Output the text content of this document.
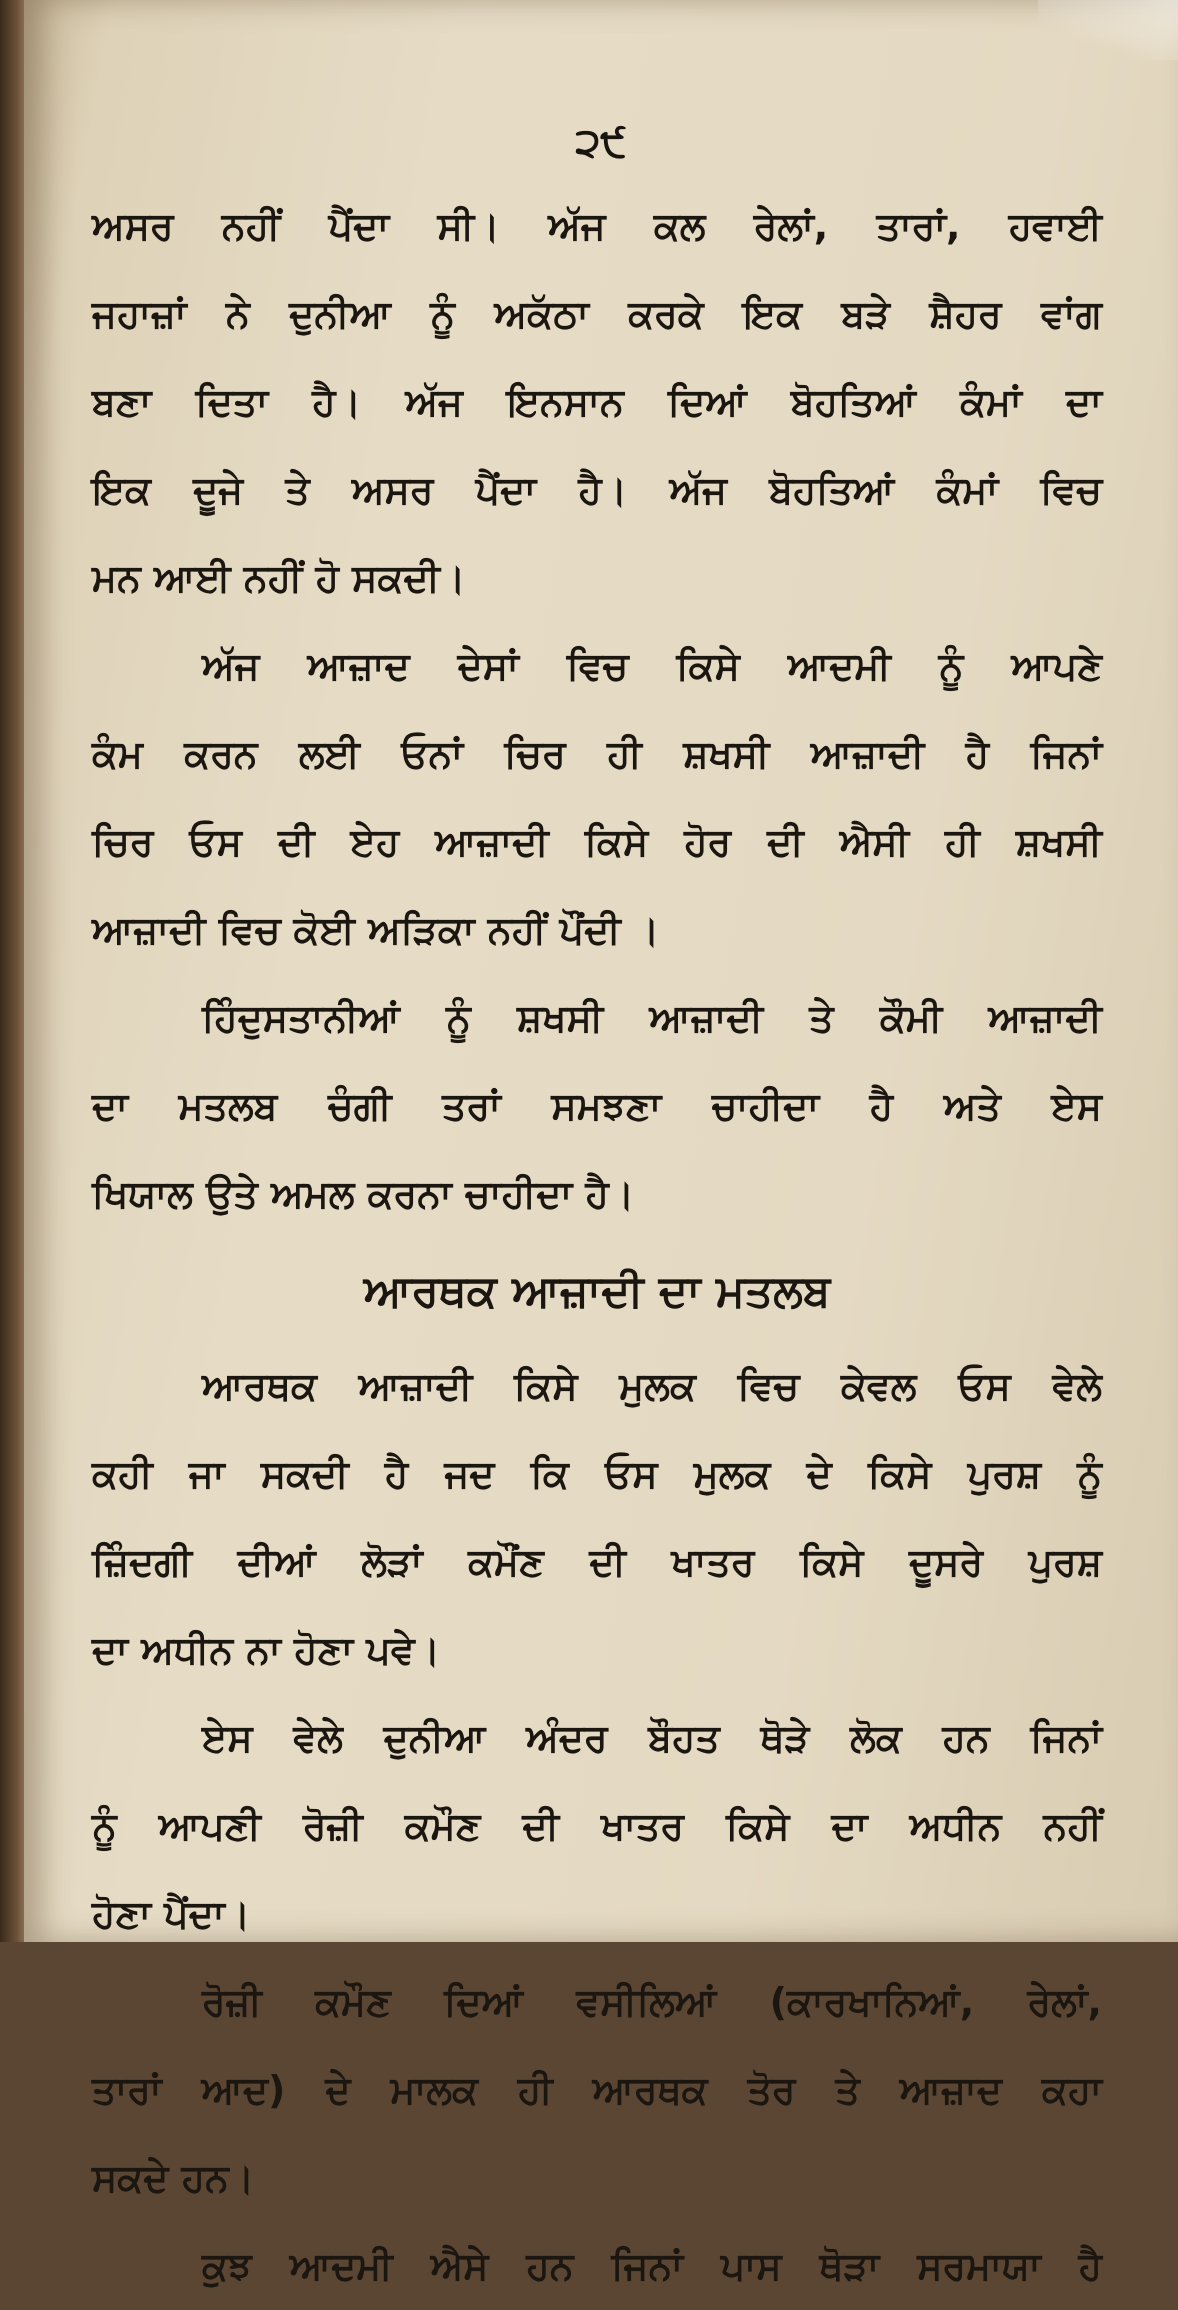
੨੯
ਅਸਰ ਨਹੀਂ ਪੈਂਦਾ ਸੀ। ਅੱਜ ਕਲ ਰੇਲਾਂ, ਤਾਰਾਂ, ਹਵਾਈ
ਜਹਾਜ਼ਾਂ ਨੇ ਦੁਨੀਆ ਨੂੰ ਅਕੱਠਾ ਕਰਕੇ ਇਕ ਬੜੇ ਸ਼ੈਹਰ ਵਾਂਗ
ਬਣਾ ਦਿਤਾ ਹੈ। ਅੱਜ ਇਨਸਾਨ ਦਿਆਂ ਬੋਹਤਿਆਂ ਕੰਮਾਂ ਦਾ
ਇਕ ਦੂਜੇ ਤੇ ਅਸਰ ਪੈਂਦਾ ਹੈ। ਅੱਜ ਬੋਹਤਿਆਂ ਕੰਮਾਂ ਵਿਚ
ਮਨ ਆਈ ਨਹੀਂ ਹੋ ਸਕਦੀ।
ਅੱਜ ਆਜ਼ਾਦ ਦੇਸਾਂ ਵਿਚ ਕਿਸੇ ਆਦਮੀ ਨੂੰ ਆਪਣੇ
ਕੰਮ ਕਰਨ ਲਈ ਓਨਾਂ ਚਿਰ ਹੀ ਸ਼ਖਸੀ ਆਜ਼ਾਦੀ ਹੈ ਜਿਨਾਂ
ਚਿਰ ਓਸ ਦੀ ਏਹ ਆਜ਼ਾਦੀ ਕਿਸੇ ਹੋਰ ਦੀ ਐਸੀ ਹੀ ਸ਼ਖਸੀ
ਆਜ਼ਾਦੀ ਵਿਚ ਕੋਈ ਅੜਿਕਾ ਨਹੀਂ ਪੌਂਦੀ ।
ਹਿੰਦੁਸਤਾਨੀਆਂ ਨੂੰ ਸ਼ਖਸੀ ਆਜ਼ਾਦੀ ਤੇ ਕੌਮੀ ਆਜ਼ਾਦੀ
ਦਾ ਮਤਲਬ ਚੰਗੀ ਤਰਾਂ ਸਮਝਣਾ ਚਾਹੀਦਾ ਹੈ ਅਤੇ ਏਸ
ਖਿਯਾਲ ਉਤੇ ਅਮਲ ਕਰਨਾ ਚਾਹੀਦਾ ਹੈ।
ਆਰਥਕ ਆਜ਼ਾਦੀ ਦਾ ਮਤਲਬ
ਆਰਥਕ ਆਜ਼ਾਦੀ ਕਿਸੇ ਮੁਲਕ ਵਿਚ ਕੇਵਲ ਓਸ ਵੇਲੇ
ਕਹੀ ਜਾ ਸਕਦੀ ਹੈ ਜਦ ਕਿ ਓਸ ਮੁਲਕ ਦੇ ਕਿਸੇ ਪੁਰਸ਼ ਨੂੰ
ਜ਼ਿੰਦਗੀ ਦੀਆਂ ਲੋੜਾਂ ਕਮੌਂਣ ਦੀ ਖਾਤਰ ਕਿਸੇ ਦੂਸਰੇ ਪੁਰਸ਼
ਦਾ ਅਧੀਨ ਨਾ ਹੋਣਾ ਪਵੇ।
ਏਸ ਵੇਲੇ ਦੁਨੀਆ ਅੰਦਰ ਬੌਹਤ ਥੋੜੇ ਲੋਕ ਹਨ ਜਿਨਾਂ
ਨੂੰ ਆਪਣੀ ਰੋਜ਼ੀ ਕਮੌਣ ਦੀ ਖਾਤਰ ਕਿਸੇ ਦਾ ਅਧੀਨ ਨਹੀਂ
ਹੋਣਾ ਪੈਂਦਾ।
ਰੋਜ਼ੀ ਕਮੌਣ ਦਿਆਂ ਵਸੀਲਿਆਂ (ਕਾਰਖਾਨਿਆਂ, ਰੇਲਾਂ,
ਤਾਰਾਂ ਆਦ) ਦੇ ਮਾਲਕ ਹੀ ਆਰਥਕ ਤੋਰ ਤੇ ਆਜ਼ਾਦ ਕਹਾ
ਸਕਦੇ ਹਨ।
ਕੁਝ ਆਦਮੀ ਐਸੇ ਹਨ ਜਿਨਾਂ ਪਾਸ ਥੋੜਾ ਸਰਮਾਯਾ ਹੈ
